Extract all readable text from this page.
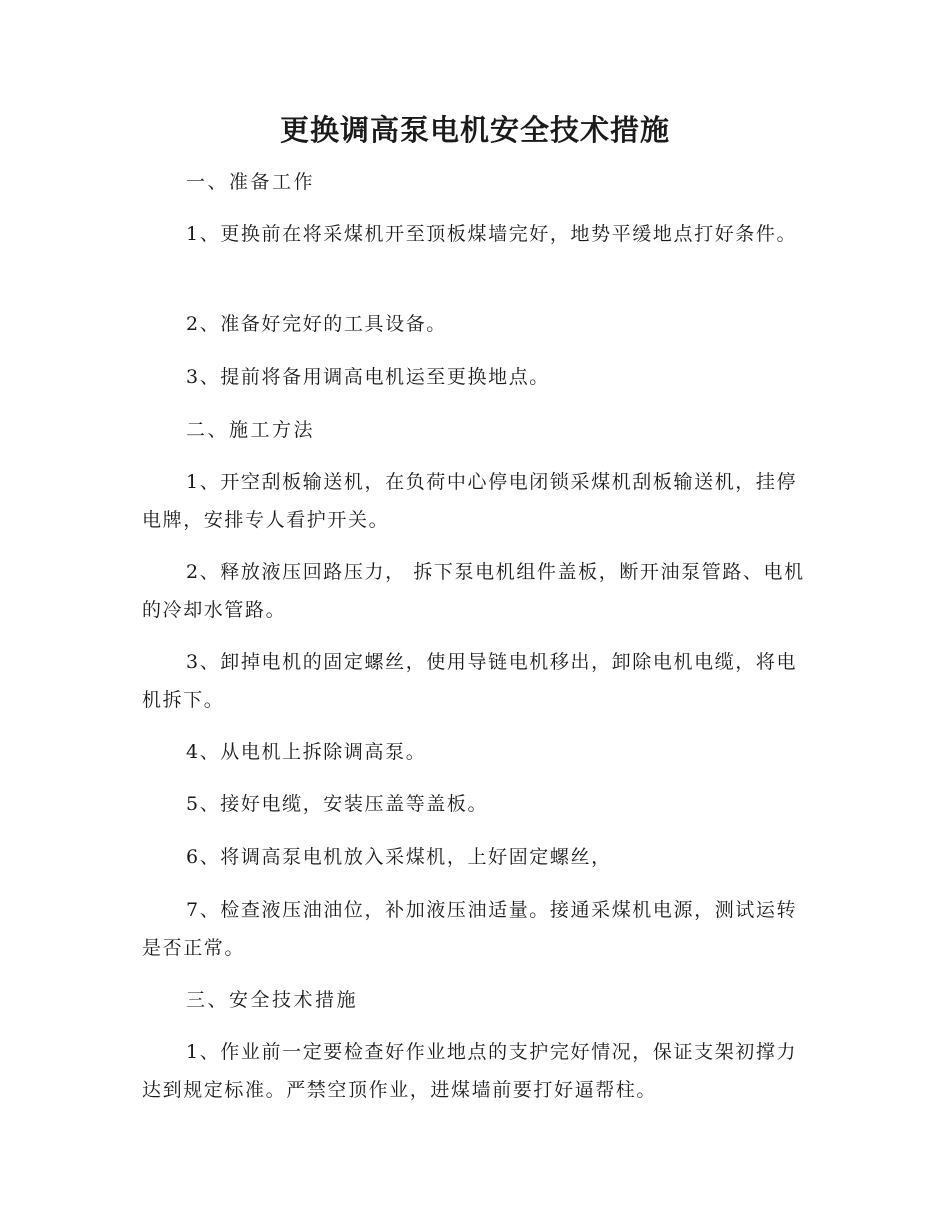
更换调高泵电机安全技术措施

一、准备工作

1、更换前在将采煤机开至顶板煤墙完好，地势平缓地点打好条件。

2、准备好完好的工具设备。

3、提前将备用调高电机运至更换地点。

二、施工方法

1、开空刮板输送机，在负荷中心停电闭锁采煤机刮板输送机，挂停电牌，安排专人看护开关。

2、释放液压回路压力， 拆下泵电机组件盖板，断开油泵管路、电机的冷却水管路。

3、卸掉电机的固定螺丝，使用导链电机移出，卸除电机电缆，将电机拆下。

4、从电机上拆除调高泵。

5、接好电缆，安装压盖等盖板。

6、将调高泵电机放入采煤机，上好固定螺丝，

7、检查液压油油位，补加液压油适量。接通采煤机电源，测试运转是否正常。

三、安全技术措施

1、作业前一定要检查好作业地点的支护完好情况，保证支架初撑力达到规定标准。严禁空顶作业，进煤墙前要打好逼帮柱。
